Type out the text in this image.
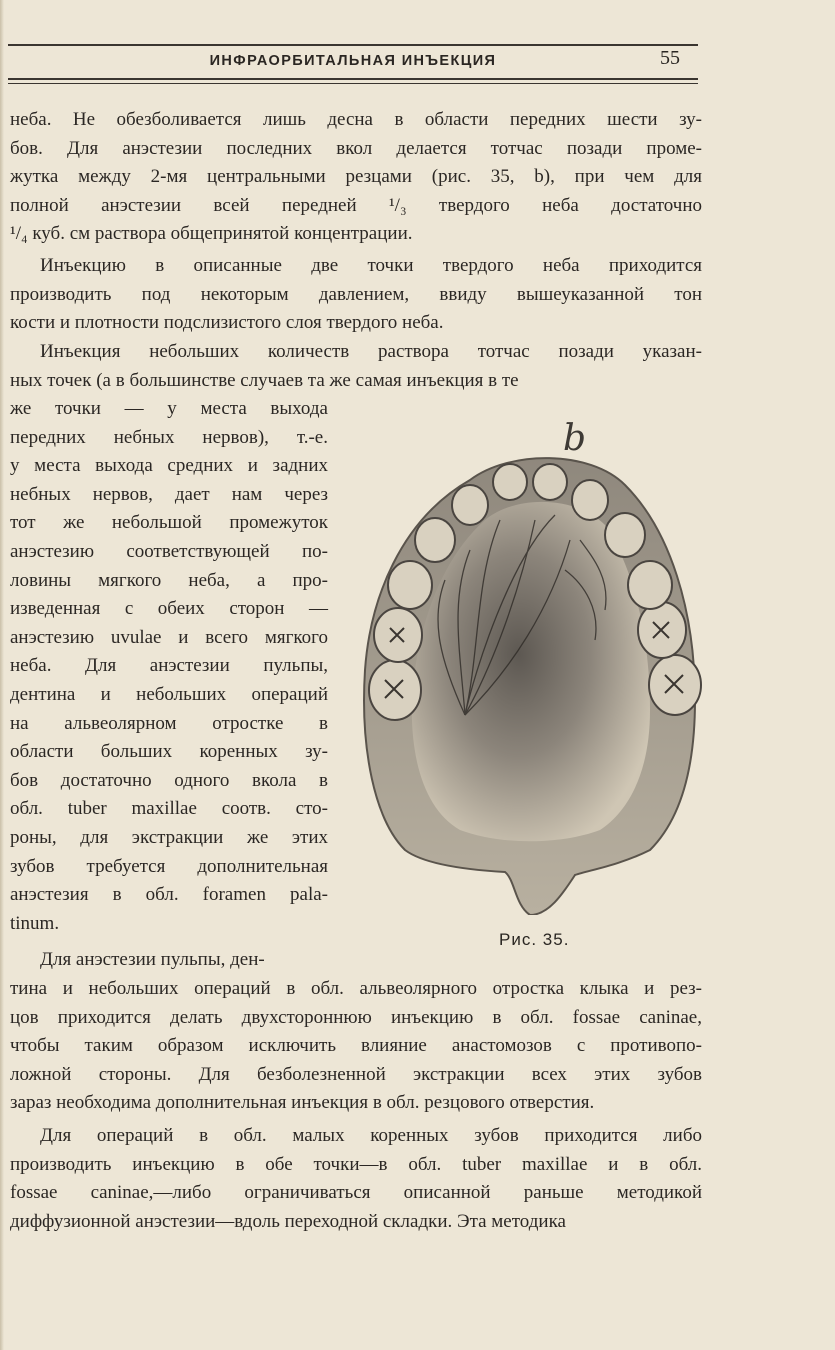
ИНФРАОРБИТАЛЬНАЯ ИНЪЕКЦИЯ	55
неба. Не обезболивается лишь десна в области передних шести зу-
бов. Для анэстезии последних вкол делается тотчас позади проме-
жутка между 2-мя центральными резцами (рис. 35, b), при чем для
полной анэстезии всей передней ¹/₃ твердого неба достаточно
¹/₄ куб. см раствора общепринятой концентрации.
Инъекцию в описанные две точки твердого неба приходится
производить под некоторым давлением, ввиду вышеуказанной тон
кости и плотности подслизистого слоя твердого неба.
Инъекция небольших количеств раствора тотчас позади указан-
ных точек (а в большинстве случаев та же самая инъекция в те
же точки — у места выхода
передних небных нервов), т.-е.
у места выхода средних и задних
небных нервов, дает нам через
тот же небольшой промежуток
анэстезию соответствующей по-
ловины мягкого неба, а про-
изведенная с обеих сторон —
анэстезию uvulae и всего мягкого
неба. Для анэстезии пульпы,
дентина и небольших операций
на альвеолярном отростке в
области больших коренных зу-
бов достаточно одного вкола в
обл. tuber maxillae соотв. сто-
роны, для экстракции же этих
зубов требуется дополнительная
анэстезия в обл. foramen pala-
tinum.
Для анэстезии пульпы, ден-
тина и небольших операций в обл. альвеолярного отростка клыка и рез-
цов приходится делать двухстороннюю инъекцию в обл. fossae caninae,
чтобы таким образом исключить влияние анастомозов с противопо-
ложной стороны. Для безболезненной экстракции всех этих зубов
зараз необходима дополнительная инъекция в обл. резцового отверстия.
Для операций в обл. малых коренных зубов приходится либо
производить инъекцию в обе точки—в обл. tuber maxillae и в обл.
fossae caninae,—либо ограничиваться описанной раньше методикой
диффузионной анэстезии—вдоль переходной складки. Эта методика
b
Рис. 35.
